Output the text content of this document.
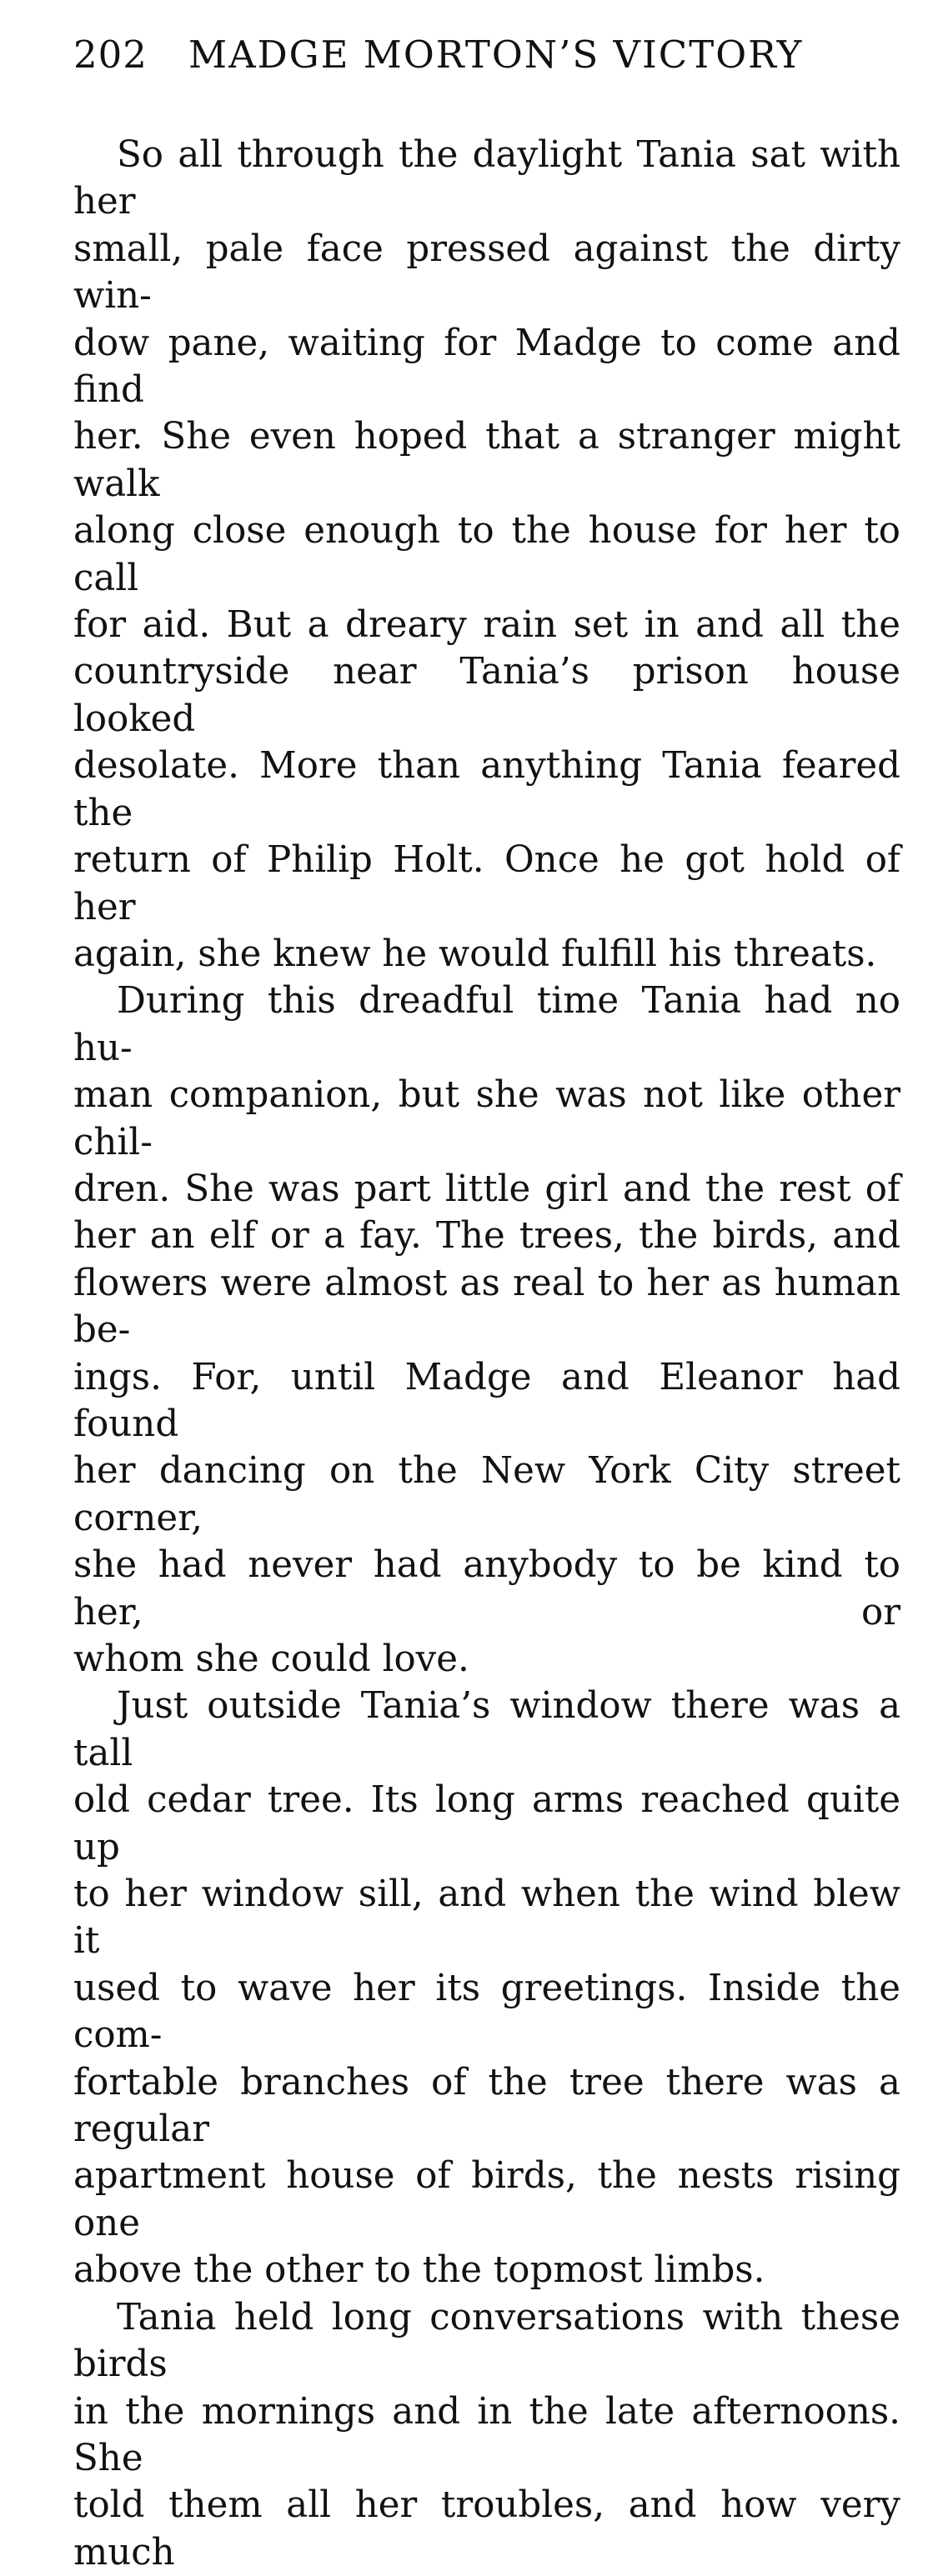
202	MADGE MORTON’S VICTORY
So all through the daylight Tania sat with her
small, pale face pressed against the dirty win-
dow pane, waiting for Madge to come and find
her. She even hoped that a stranger might walk
along close enough to the house for her to call
for aid. But a dreary rain set in and all the
countryside near Tania’s prison house looked
desolate. More than anything Tania feared the
return of Philip Holt. Once he got hold of her
again, she knew he would fulfill his threats.
During this dreadful time Tania had no hu-
man companion, but she was not like other chil-
dren. She was part little girl and the rest of
her an elf or a fay. The trees, the birds, and
flowers were almost as real to her as human be-
ings. For, until Madge and Eleanor had found
her dancing on the New York City street corner,
she had never had anybody to be kind to her, or
whom she could love.
Just outside Tania’s window there was a tall
old cedar tree. Its long arms reached quite up
to her window sill, and when the wind blew it
used to wave her its greetings. Inside the com-
fortable branches of the tree there was a regular
apartment house of birds, the nests rising one
above the other to the topmost limbs.
Tania held long conversations with these birds
in the mornings and in the late afternoons. She
told them all her troubles, and how very much
